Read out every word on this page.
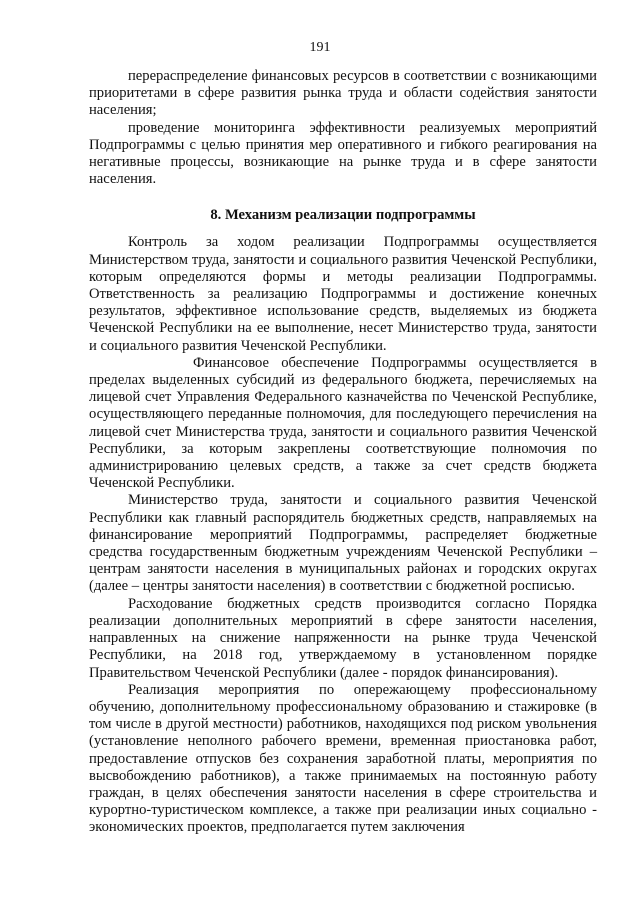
191

перераспределение финансовых ресурсов в соответствии с возникающими приоритетами в сфере развития рынка труда и области содействия занятости населения;

проведение мониторинга эффективности реализуемых мероприятий Подпрограммы с целью принятия мер оперативного и гибкого реагирования на негативные процессы, возникающие на рынке труда и в сфере занятости населения.

8. Механизм реализации подпрограммы

Контроль за ходом реализации Подпрограммы осуществляется Министерством труда, занятости и социального развития Чеченской Республики, которым определяются формы и методы реализации Подпрограммы. Ответственность за реализацию Подпрограммы и достижение конечных результатов, эффективное использование средств, выделяемых из бюджета Чеченской Республики на ее выполнение, несет Министерство труда, занятости и социального развития Чеченской Республики.

Финансовое обеспечение Подпрограммы осуществляется в пределах выделенных субсидий из федерального бюджета, перечисляемых на лицевой счет Управления Федерального казначейства по Чеченской Республике, осуществляющего переданные полномочия, для последующего перечисления на лицевой счет Министерства труда, занятости и социального развития Чеченской Республики, за которым закреплены соответствующие полномочия по администрированию целевых средств, а также за счет средств бюджета Чеченской Республики.

Министерство труда, занятости и социального развития Чеченской Республики как главный распорядитель бюджетных средств, направляемых на финансирование мероприятий Подпрограммы, распределяет бюджетные средства государственным бюджетным учреждениям Чеченской Республики – центрам занятости населения в муниципальных районах и городских округах (далее – центры занятости населения) в соответствии с бюджетной росписью.

Расходование бюджетных средств производится согласно Порядка реализации дополнительных мероприятий в сфере занятости населения, направленных на снижение напряженности на рынке труда Чеченской Республики, на 2018 год, утверждаемому в установленном порядке Правительством Чеченской Республики (далее - порядок финансирования).

Реализация мероприятия по опережающему профессиональному обучению, дополнительному профессиональному образованию и стажировке (в том числе в другой местности) работников, находящихся под риском увольнения (установление неполного рабочего времени, временная приостановка работ, предоставление отпусков без сохранения заработной платы, мероприятия по высвобождению работников), а также принимаемых на постоянную работу граждан, в целях обеспечения занятости населения в сфере строительства и курортно-туристическом комплексе, а также при реализации иных социально - экономических проектов, предполагается путем заключения
